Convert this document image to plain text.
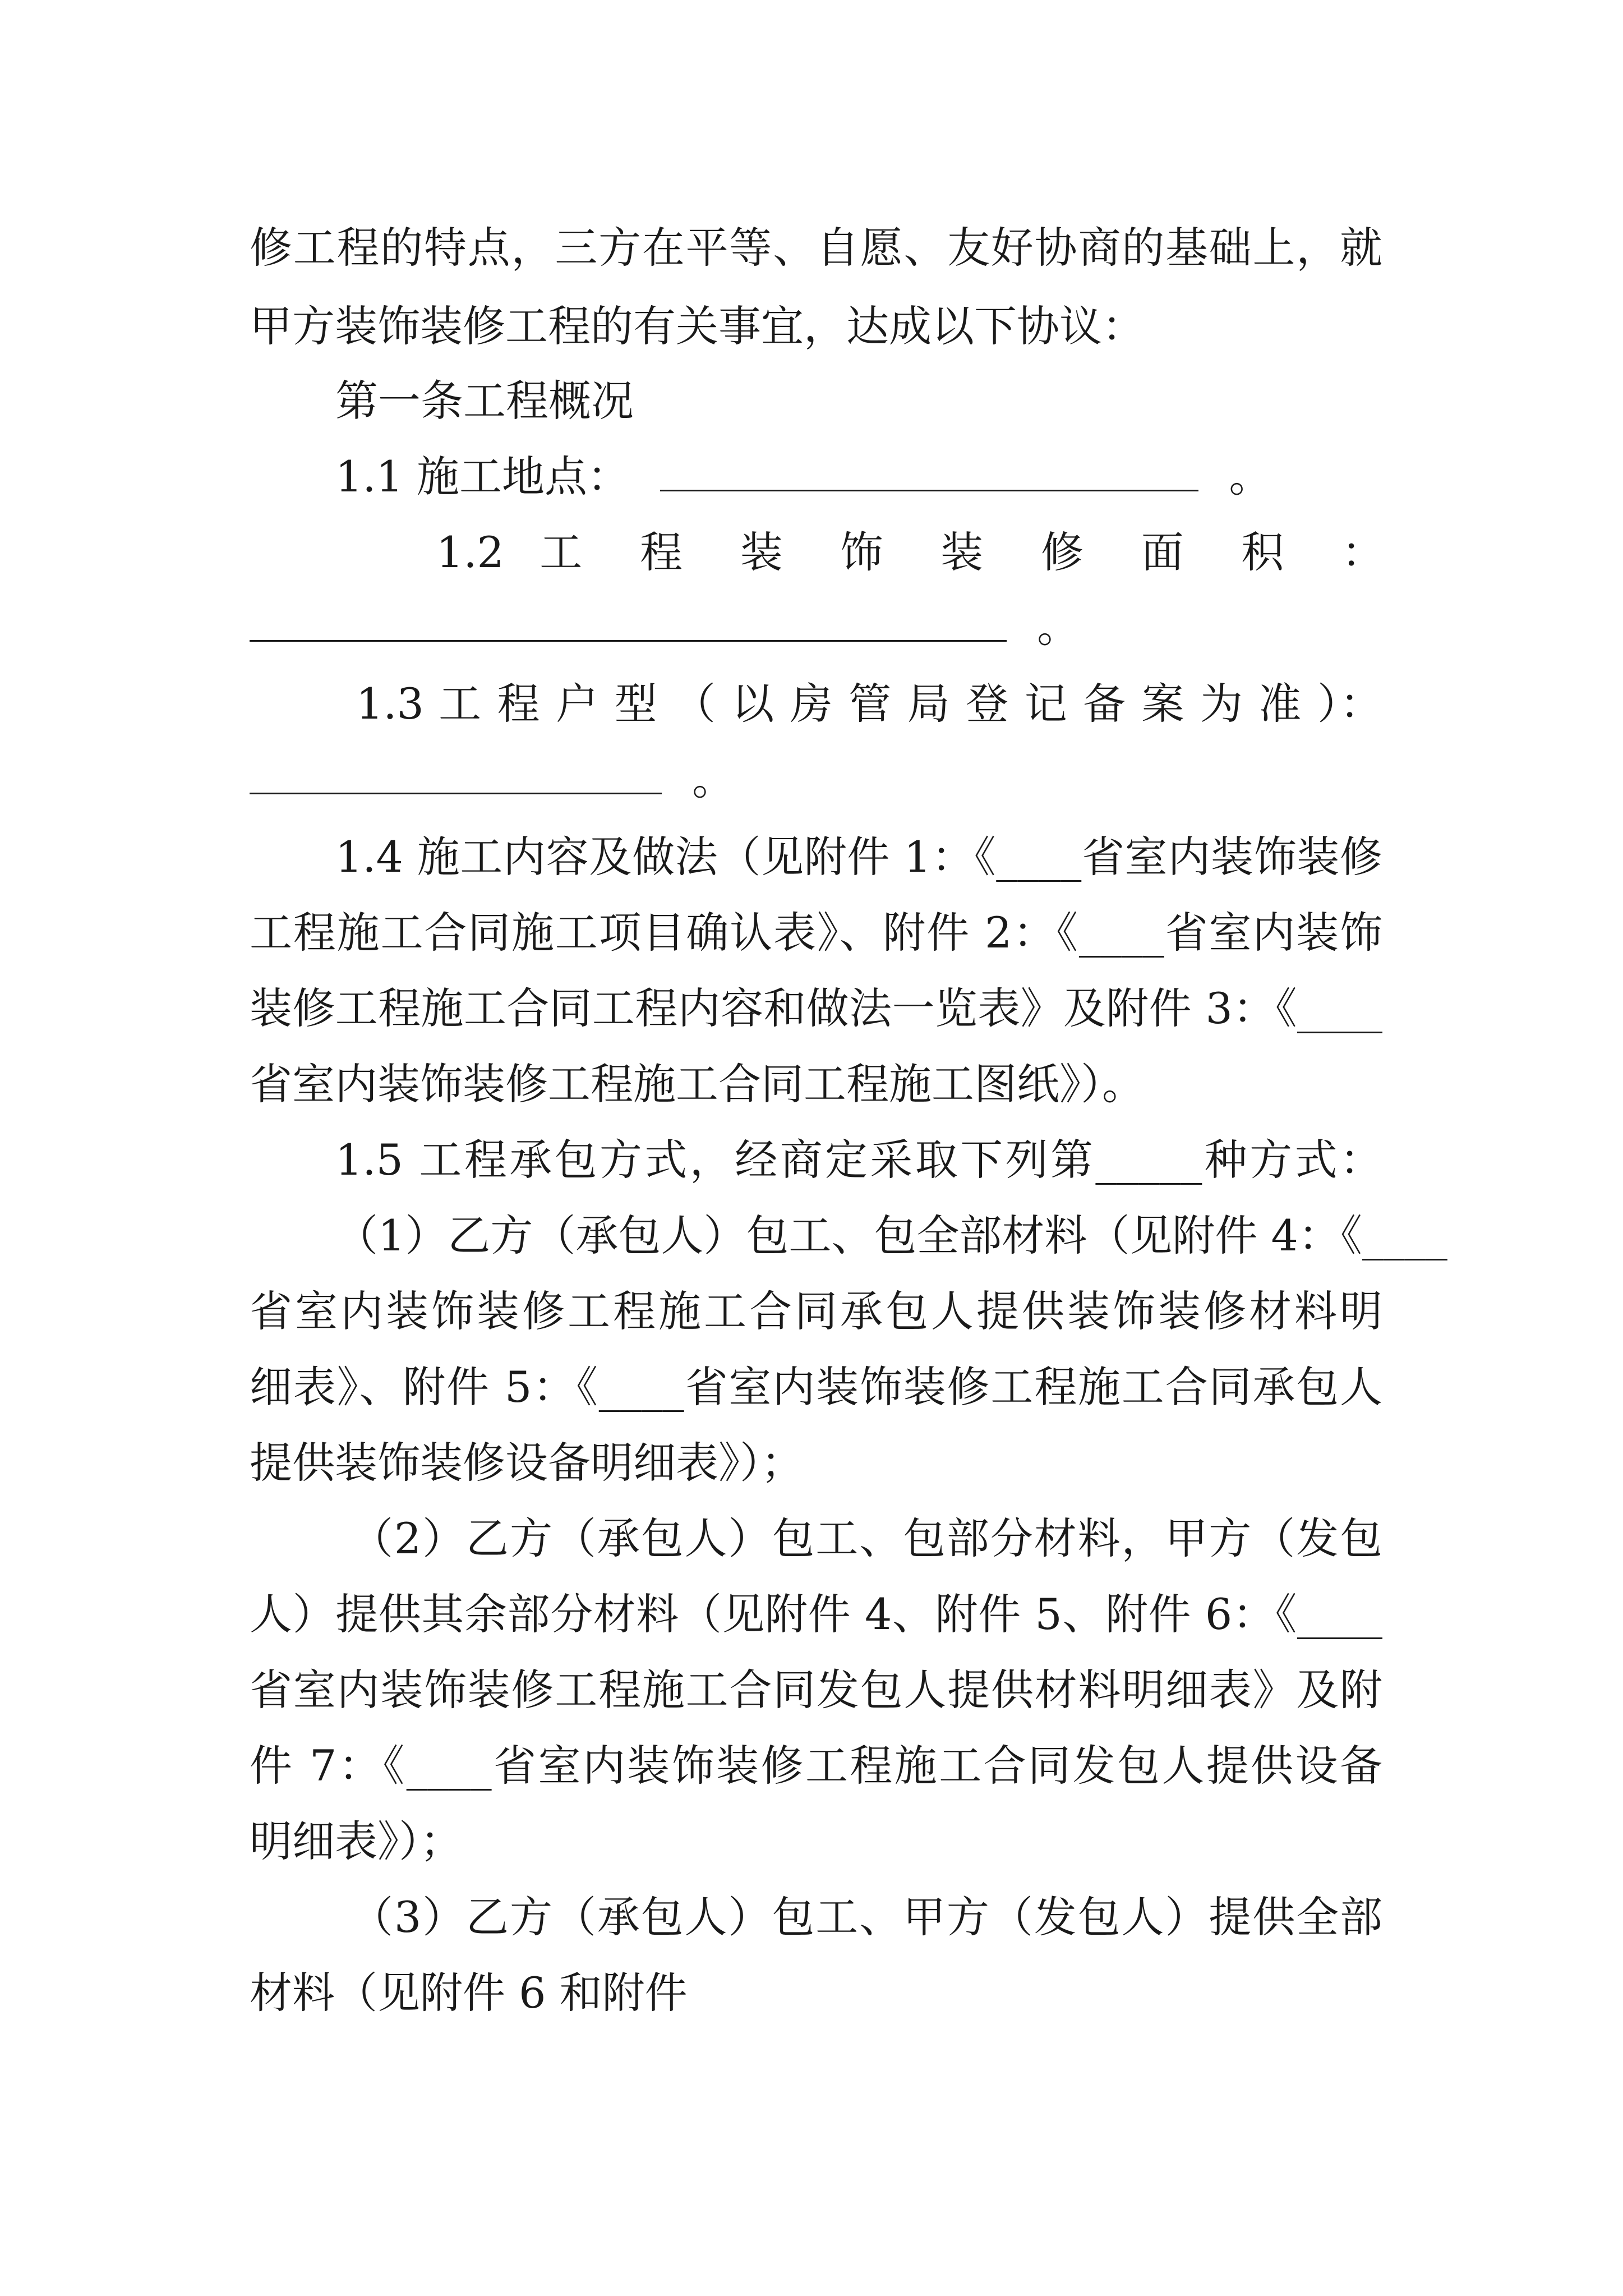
修工程的特点，三方在平等、自愿、友好协商的基础上，就
甲方装饰装修工程的有关事宜，达成以下协议：
第一条工程概况
1.1 施工地点：	。
1.2 工 程 装 饰 装 修 面 积 ：
。
1.3 工 程 户 型 （ 以 房 管 局 登 记 备 案 为 准 ）：
。
1.4 施工内容及做法（见附件 1：《____省室内装饰装修
工程施工合同施工项目确认表》、附件 2：《____省室内装饰
装修工程施工合同工程内容和做法一览表》及附件 3：《____
省室内装饰装修工程施工合同工程施工图纸》）。
1.5 工程承包方式，经商定采取下列第_____种方式：
（1）乙方（承包人）包工、包全部材料（见附件 4：《____
省室内装饰装修工程施工合同承包人提供装饰装修材料明
细表》、附件 5：《____省室内装饰装修工程施工合同承包人
提供装饰装修设备明细表》）；
（2）乙方（承包人）包工、包部分材料，甲方（发包
人）提供其余部分材料（见附件 4、附件 5、附件 6：《____
省室内装饰装修工程施工合同发包人提供材料明细表》及附
件 7：《____省室内装饰装修工程施工合同发包人提供设备
明细表》）；
（3）乙方（承包人）包工、甲方（发包人）提供全部
材料（见附件 6 和附件
